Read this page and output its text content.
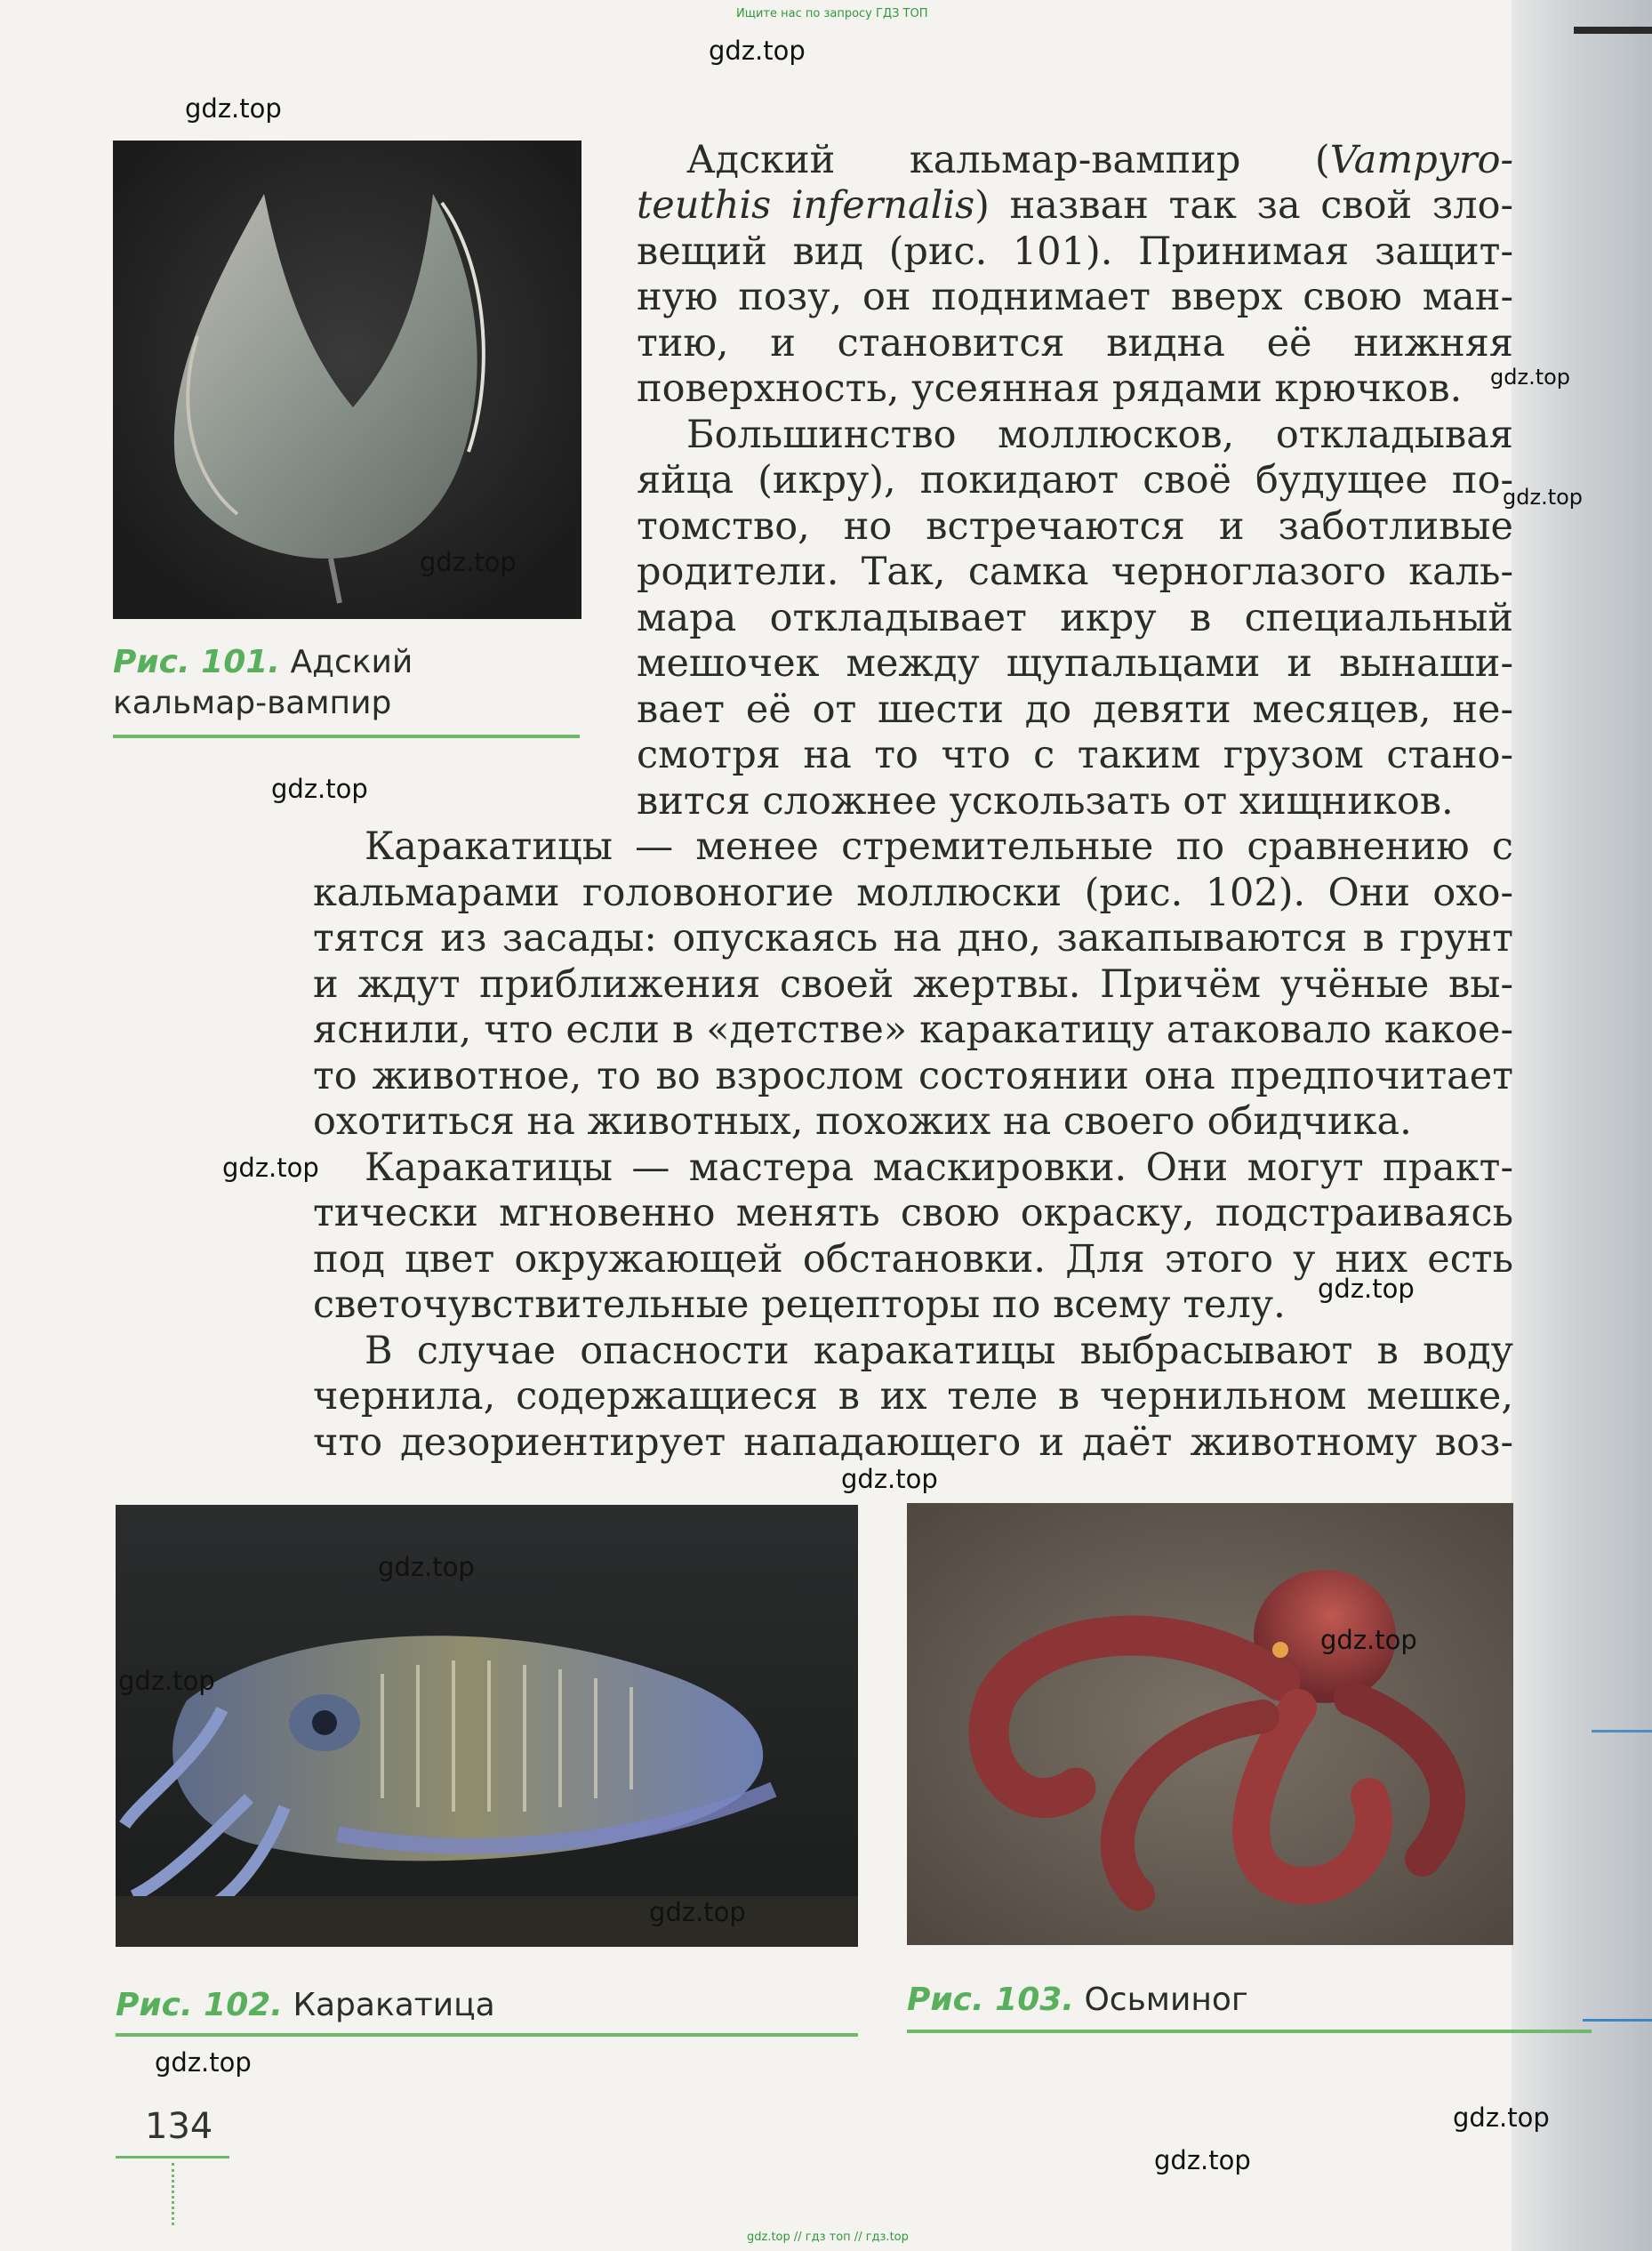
Ищите нас по запросу ГДЗ ТОП
gdz.top // гдз топ // гдз.top
Рис. 101. Адский
кальмар-вампир
Адский кальмар-вампир (Vampyro-
teuthis infernalis) назван так за свой зло-
вещий вид (рис. 101). Принимая защит-
ную позу, он поднимает вверх свою ман-
тию, и становится видна её нижняя
поверхность, усеянная рядами крючков.
Большинство моллюсков, откладывая
яйца (икру), покидают своё будущее по-
томство, но встречаются и заботливые
родители. Так, самка черноглазого каль-
мара откладывает икру в специальный
мешочек между щупальцами и вынаши-
вает её от шести до девяти месяцев, не-
смотря на то что с таким грузом стано-
вится сложнее ускользать от хищников.
Каракатицы — менее стремительные по сравнению с
кальмарами головоногие моллюски (рис. 102). Они охо-
тятся из засады: опускаясь на дно, закапываются в грунт
и ждут приближения своей жертвы. Причём учёные вы-
яснили, что если в «детстве» каракатицу атаковало какое-
то животное, то во взрослом состоянии она предпочитает
охотиться на животных, похожих на своего обидчика.
Каракатицы — мастера маскировки. Они могут практ-
тически мгновенно менять свою окраску, подстраиваясь
под цвет окружающей обстановки. Для этого у них есть
светочувствительные рецепторы по всему телу.
В случае опасности каракатицы выбрасывают в воду
чернила, содержащиеся в их теле в чернильном мешке,
что дезориентирует нападающего и даёт животному воз-
Рис. 102. Каракатица	Рис. 103. Осьминог
134
gdz.top
gdz.top
gdz.top
gdz.top
gdz.top
gdz.top
gdz.top
gdz.top
gdz.top
gdz.top
gdz.top
gdz.top
gdz.top
gdz.top
gdz.top
gdz.top
